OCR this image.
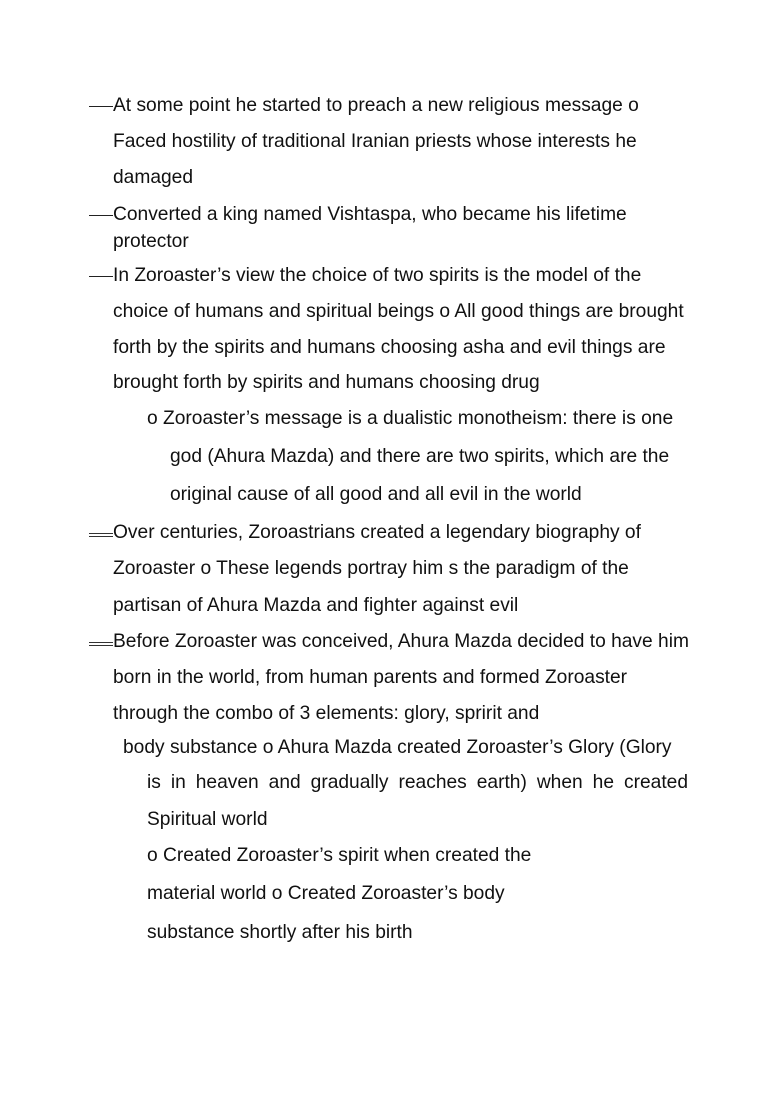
At some point he started to preach a new religious message o
Faced hostility of traditional Iranian priests whose interests he
damaged
Converted a king named Vishtaspa, who became his lifetime
protector
In Zoroaster’s view the choice of two spirits is the model of the
choice of humans and spiritual beings o All good things are brought
forth by the spirits and humans choosing asha and evil things are
brought forth by spirits and humans choosing drug
o Zoroaster’s message is a dualistic monotheism: there is one
god (Ahura Mazda) and there are two spirits, which are the
original cause of all good and all evil in the world
Over centuries, Zoroastrians created a legendary biography of
Zoroaster o These legends portray him s the paradigm of the
partisan of Ahura Mazda and fighter against evil
Before Zoroaster was conceived, Ahura Mazda decided to have him
born in the world, from human parents and formed Zoroaster
through the combo of 3 elements: glory, spririt and
body substance o Ahura Mazda created Zoroaster’s Glory (Glory
is in heaven and gradually reaches earth) when he created
Spiritual world
o Created Zoroaster’s spirit when created the
material world o Created Zoroaster’s body
substance shortly after his birth
